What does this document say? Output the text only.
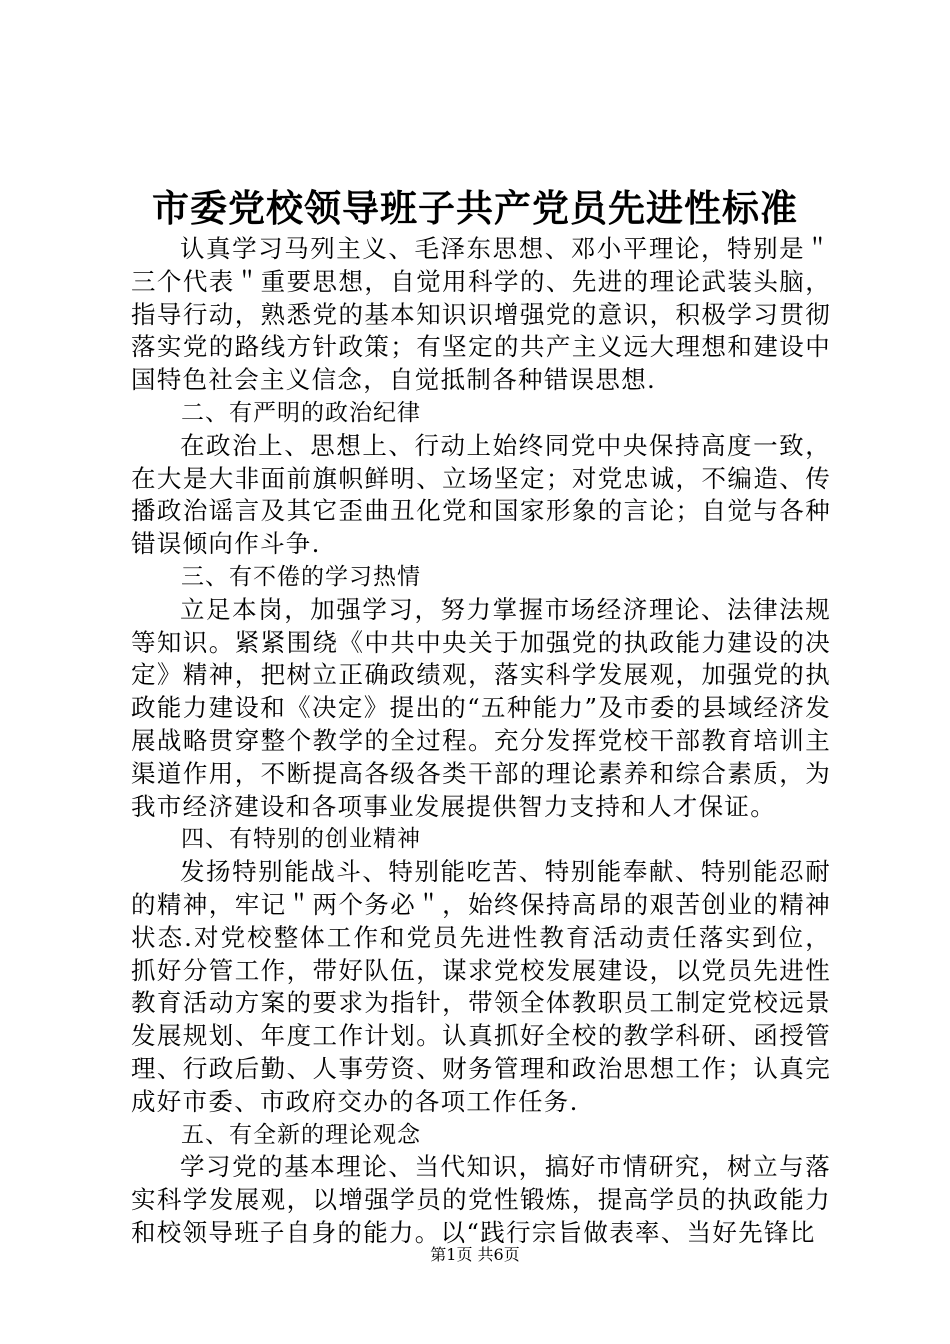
市委党校领导班子共产党员先进性标准

认真学习马列主义、毛泽东思想、邓小平理论，特别是＂三个代表＂重要思想，自觉用科学的、先进的理论武装头脑，指导行动，熟悉党的基本知识识增强党的意识，积极学习贯彻落实党的路线方针政策；有坚定的共产主义远大理想和建设中国特色社会主义信念，自觉抵制各种错误思想.

二、有严明的政治纪律

在政治上、思想上、行动上始终同党中央保持高度一致，在大是大非面前旗帜鲜明、立场坚定；对党忠诚，不编造、传播政治谣言及其它歪曲丑化党和国家形象的言论；自觉与各种错误倾向作斗争.

三、有不倦的学习热情

立足本岗，加强学习，努力掌握市场经济理论、法律法规等知识。紧紧围绕《中共中央关于加强党的执政能力建设的决定》精神，把树立正确政绩观，落实科学发展观，加强党的执政能力建设和《决定》提出的“五种能力”及市委的县域经济发展战略贯穿整个教学的全过程。充分发挥党校干部教育培训主渠道作用，不断提高各级各类干部的理论素养和综合素质，为我市经济建设和各项事业发展提供智力支持和人才保证。

四、有特别的创业精神

发扬特别能战斗、特别能吃苦、特别能奉献、特别能忍耐的精神，牢记＂两个务必＂，始终保持高昂的艰苦创业的精神状态.对党校整体工作和党员先进性教育活动责任落实到位，抓好分管工作，带好队伍，谋求党校发展建设，以党员先进性教育活动方案的要求为指针，带领全体教职员工制定党校远景发展规划、年度工作计划。认真抓好全校的教学科研、函授管理、行政后勤、人事劳资、财务管理和政治思想工作；认真完成好市委、市政府交办的各项工作任务.

五、有全新的理论观念

学习党的基本理论、当代知识，搞好市情研究，树立与落实科学发展观，以增强学员的党性锻炼，提高学员的执政能力和校领导班子自身的能力。以“践行宗旨做表率、当好先锋比

第1页 共6页
